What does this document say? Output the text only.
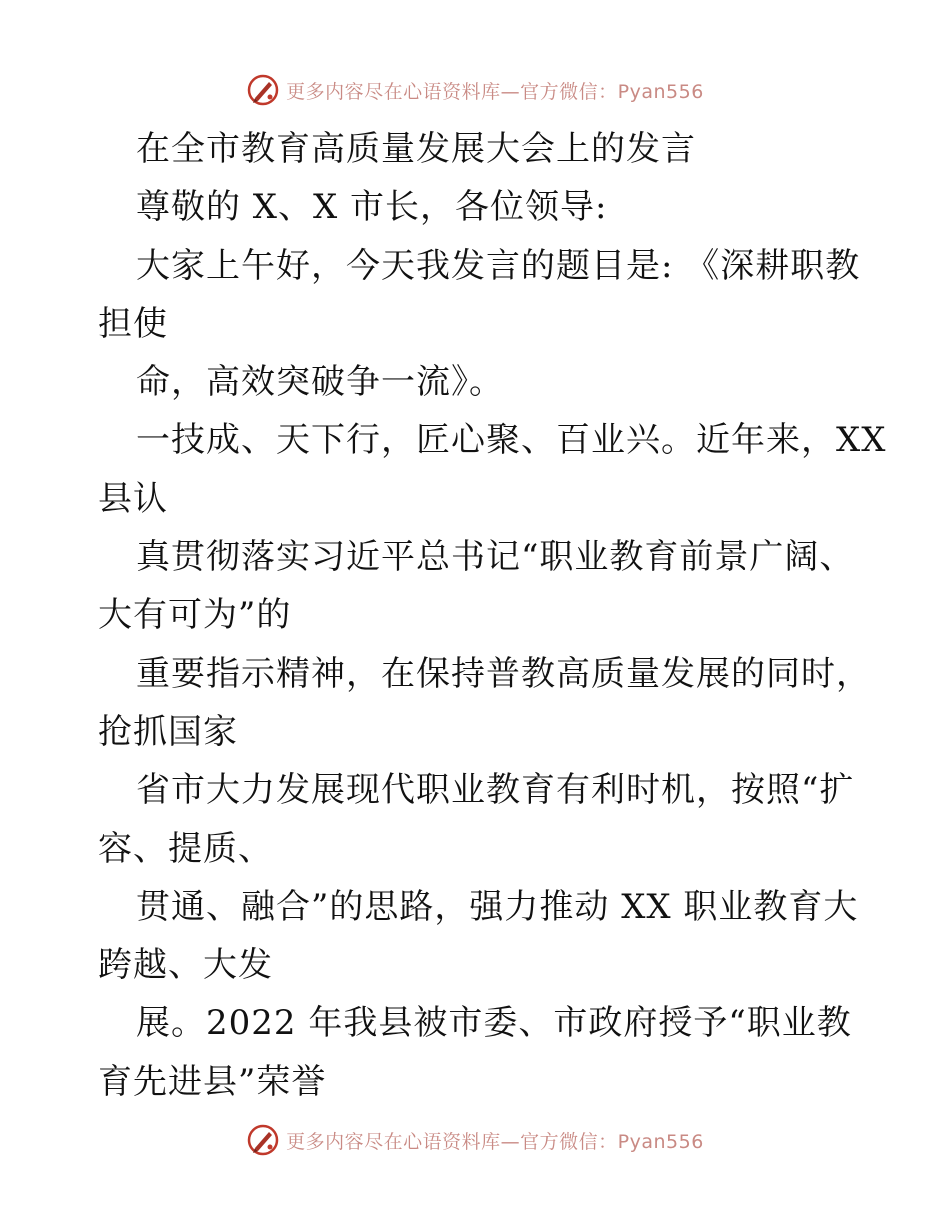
更多内容尽在心语资料库—官方微信：Pyan556
在全市教育高质量发展大会上的发言
尊敬的 X、X 市长，各位领导:
大家上午好，今天我发言的题目是: 《深耕职教
担使
命，高效突破争一流》。
一技成、天下行，匠心聚、百业兴。近年来，XX
县认
真贯彻落实习近平总书记“职业教育前景广阔、
大有可为”的
重要指示精神，在保持普教高质量发展的同时，
抢抓国家
省市大力发展现代职业教育有利时机，按照“扩
容、提质、
贯通、融合”的思路，强力推动 XX 职业教育大
跨越、大发
展。2022 年我县被市委、市政府授予“职业教
育先进县”荣誉
更多内容尽在心语资料库—官方微信：Pyan556
